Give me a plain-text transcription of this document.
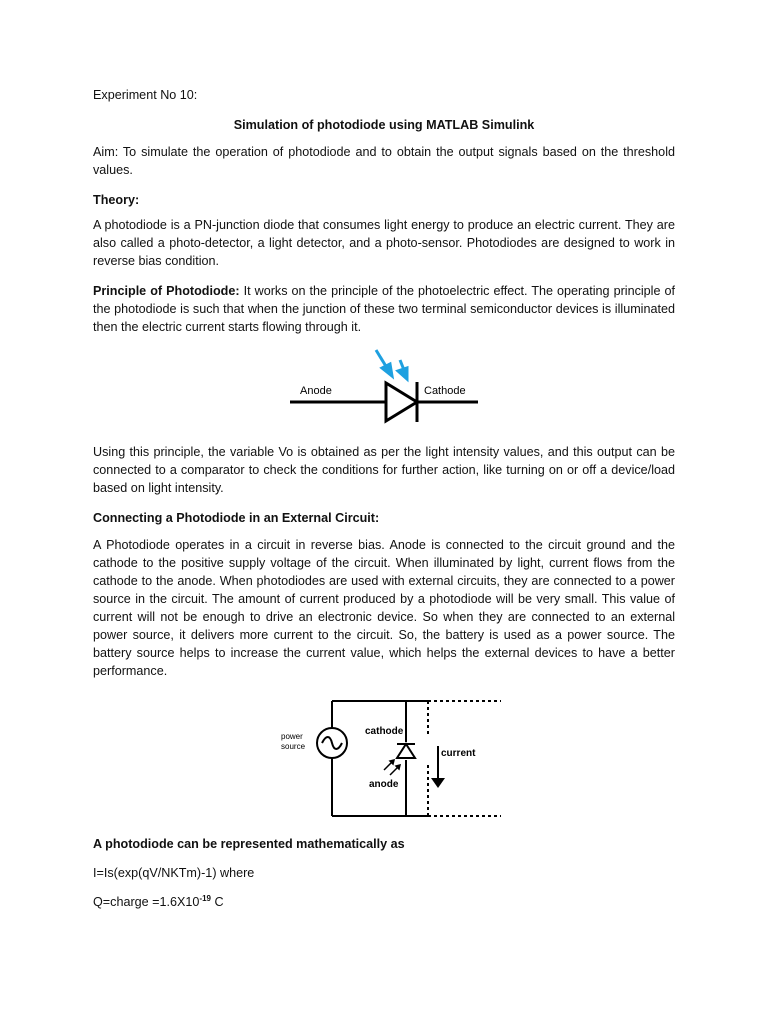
Experiment No 10:

Simulation of photodiode using MATLAB Simulink

Aim: To simulate the operation of photodiode and to obtain the output signals based on the threshold values.

Theory:

A photodiode is a PN-junction diode that consumes light energy to produce an electric current. They are also called a photo-detector, a light detector, and a photo-sensor. Photodiodes are designed to work in reverse bias condition.

Principle of Photodiode: It works on the principle of the photoelectric effect. The operating principle of the photodiode is such that when the junction of these two terminal semiconductor devices is illuminated then the electric current starts flowing through it.

Anode	Cathode

Using this principle, the variable Vo is obtained as per the light intensity values, and this output can be connected to a comparator to check the conditions for further action, like turning on or off a device/load based on light intensity.

Connecting a Photodiode in an External Circuit:

A Photodiode operates in a circuit in reverse bias. Anode is connected to the circuit ground and the cathode to the positive supply voltage of the circuit. When illuminated by light, current flows from the cathode to the anode. When photodiodes are used with external circuits, they are connected to a power source in the circuit. The amount of current produced by a photodiode will be very small. This value of current will not be enough to drive an electronic device. So when they are connected to an external power source, it delivers more current to the circuit. So, the battery is used as a power source. The battery source helps to increase the current value, which helps the external devices to have a better performance.

power
source
cathode
anode
current

A photodiode can be represented mathematically as

I=Is(exp(qV/NKTm)-1) where

Q=charge $=1.6X10^{-19}$ C
